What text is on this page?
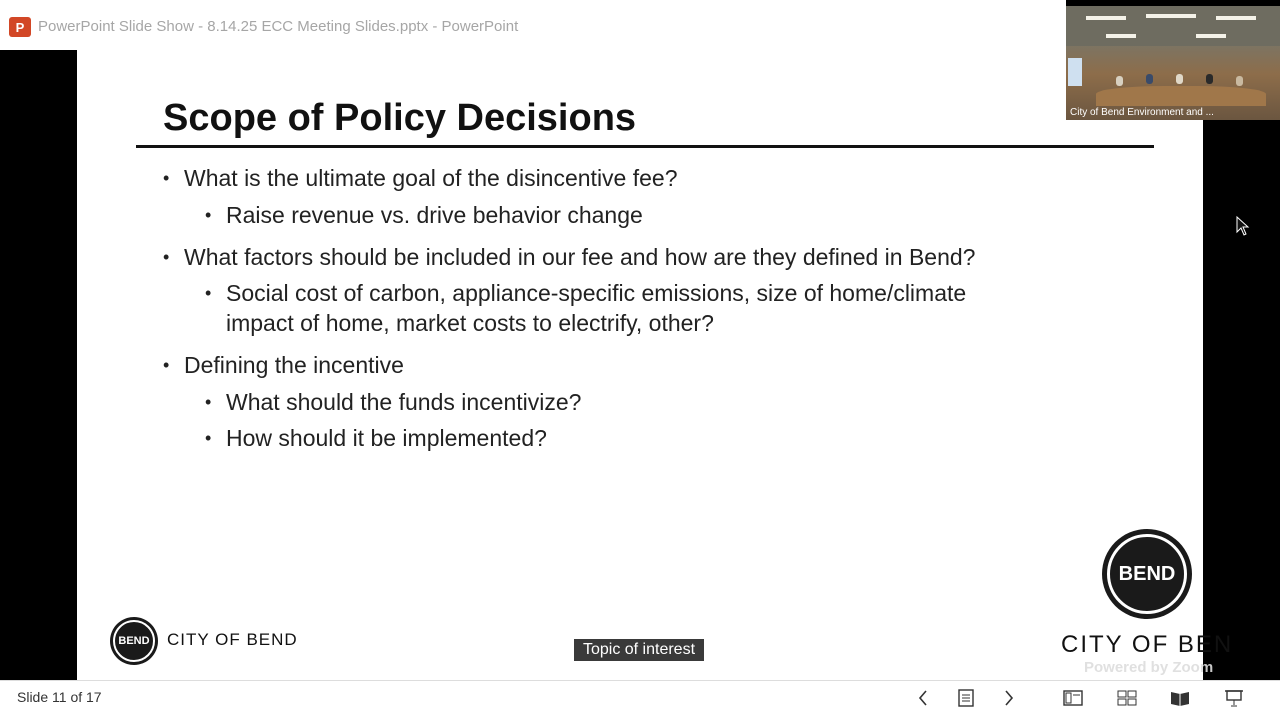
P PowerPoint Slide Show - 8.14.25 ECC Meeting Slides.pptx - PowerPoint
Scope of Policy Decisions
• What is the ultimate goal of the disincentive fee?
• Raise revenue vs. drive behavior change
• What factors should be included in our fee and how are they defined in Bend?
• Social cost of carbon, appliance-specific emissions, size of home/climate
impact of home, market costs to electrify, other?
• Defining the incentive
• What should the funds incentivize?
• How should it be implemented?
BEND	CITY OF BEND
BEND
CITY OF BEN
Topic of interest
Powered by Zoom
City of Bend Environment and ...
Slide 11 of 17
